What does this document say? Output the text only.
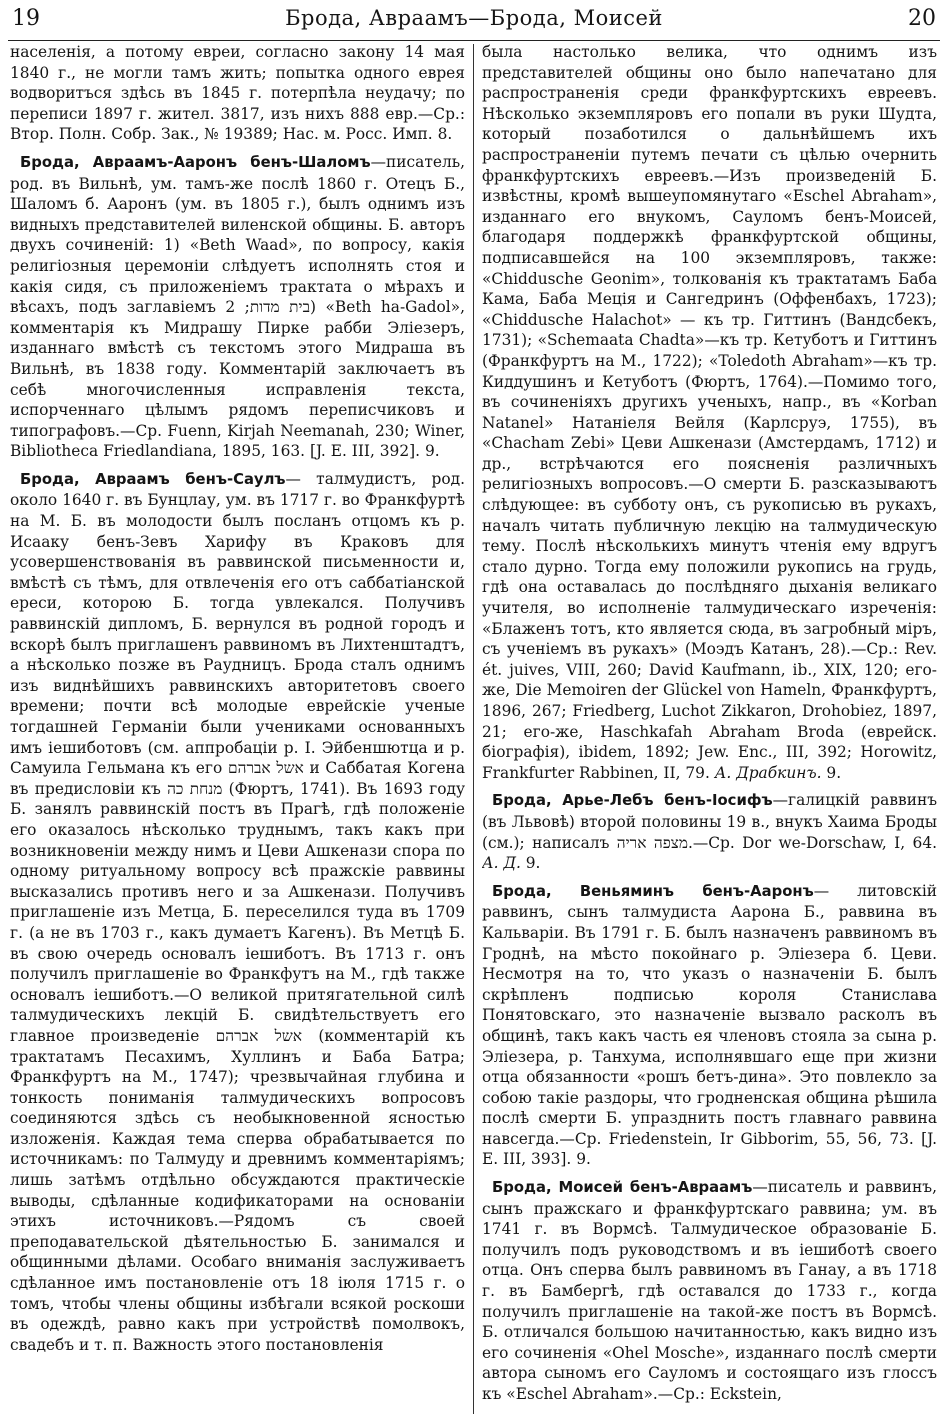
19	Брода, Авраамъ—Брода, Моисей	20

населенія, а потому евреи, согласно закону 14 мая 1840 г., не могли тамъ жить; попытка одного еврея водворитъся здѣсь въ 1845 г. потерпѣла неудачу; по переписи 1897 г. жител. 3817, изъ нихъ 888 евр.—Ср.: Втор. Полн. Собр. Зак., № 19389; Нас. м. Росс. Имп. 8.

Брода, Авраамъ-Ааронъ бенъ-Шаломъ—писатель, род. въ Вильнѣ, ум. тамъ-же послѣ 1860 г. Отецъ Б., Шаломъ б. Ааронъ (ум. въ 1805 г.), былъ однимъ изъ видныхъ представителей виленской общины. Б. авторъ двухъ сочиненій: 1) «Beth Waad», по вопросу, какія религіозныя церемоніи слѣдуетъ исполнять стоя и какія сидя, съ приложеніемъ трактата о мѣрахъ и вѣсахъ, подъ заглавіемъ בית מדות; 2) «Beth ha-Gadol», комментарія къ Мидрашу Пирке рабби Эліезеръ, изданнаго вмѣстѣ съ текстомъ этого Мидраша въ Вильнѣ, въ 1838 году. Комментарій заключаетъ въ себѣ многочисленныя исправленія текста, испорченнаго цѣлымъ рядомъ переписчиковъ и типографовъ.—Ср. Fuenn, Kirjah Neemanah, 230; Winer, Bibliotheca Friedlandiana, 1895, 163. [J. E. III, 392]. 9.

Брода, Авраамъ бенъ-Саулъ— талмудистъ, род. около 1640 г. въ Бунцлау, ум. въ 1717 г. во Франкфуртѣ на М. Б. въ молодости былъ посланъ отцомъ къ р. Исааку бенъ-Зевъ Харифу въ Краковъ для усовершенствованія въ раввинской письменности и, вмѣстѣ съ тѣмъ, для отвлеченія его отъ саббатіанской ереси, которою Б. тогда увлекался. Получивъ раввинскій дипломъ, Б. вернулся въ родной городъ и вскорѣ былъ приглашенъ раввиномъ въ Лихтенштадтъ, а нѣсколько позже въ Раудницъ. Брода сталъ однимъ изъ виднѣйшихъ раввинскихъ авторитетовъ своего времени; почти всѣ молодые еврейскіе ученые тогдашней Германіи были учениками основанныхъ имъ іешиботовъ (см. аппробаціи р. І. Эйбеншютца и р. Самуила Гельмана къ его אשל אברהם и Саббатая Когена въ предисловіи къ מנחת כה (Фюртъ, 1741). Въ 1693 году Б. занялъ раввинскій постъ въ Прагѣ, гдѣ положеніе его оказалось нѣсколько труднымъ, такъ какъ при возникновеніи между нимъ и Цеви Ашкенази спора по одному ритуальному вопросу всѣ пражскіе раввины высказались противъ него и за Ашкенази. Получивъ приглашеніе изъ Метца, Б. переселился туда въ 1709 г. (а не въ 1703 г., какъ думаетъ Кагенъ). Въ Метцѣ Б. въ свою очередь основалъ іешиботъ. Въ 1713 г. онъ получилъ приглашеніе во Франкфутъ на М., гдѣ также основалъ іешиботъ.—О великой притягательной силѣ талмудическихъ лекцій Б. свидѣтельствуетъ его главное произведеніе אשל אברהם (комментарій къ трактатамъ Песахимъ, Хуллинъ и Баба Батра; Франкфуртъ на М., 1747); чрезвычайная глубина и тонкость пониманія талмудическихъ вопросовъ соединяются здѣсь съ необыкновенной ясностью изложенія. Каждая тема сперва обрабатывается по источникамъ: по Талмуду и древнимъ комментаріямъ; лишь затѣмъ отдѣльно обсуждаются практическіе выводы, сдѣланные кодификаторами на основаніи этихъ источниковъ.—Рядомъ съ своей преподавательской дѣятельностью Б. занимался и общинными дѣлами. Особаго вниманія заслуживаетъ сдѣланное имъ постановленіе отъ 18 іюля 1715 г. о томъ, чтобы члены общины избѣгали всякой роскоши въ одеждѣ, равно какъ при устройствѣ помолвокъ, свадебъ и т. п. Важность этого постановленія

была настолько велика, что однимъ изъ представителей общины оно было напечатано для распространенія среди франкфуртскихъ евреевъ. Нѣсколько экземпляровъ его попали въ руки Шудта, который позаботился о дальнѣйшемъ ихъ распространеніи путемъ печати съ цѣлью очернить франкфуртскихъ евреевъ.—Изъ произведеній Б. извѣстны, кромѣ вышеупомянутаго «Eschel Abraham», изданнаго его внукомъ, Сауломъ бенъ-Моисей, благодаря поддержкѣ франкфуртской общины, подписавшейся на 100 экземпляровъ, также: «Chiddusche Geonim», толкованія къ трактатамъ Баба Кама, Баба Меція и Сангедринъ (Оффенбахъ, 1723); «Chiddusche Halachot» — къ тр. Гиттинъ (Вандсбекъ, 1731); «Schemaata Chadta»—къ тр. Кетуботъ и Гиттинъ (Франкфуртъ на М., 1722); «Toledoth Abraham»—къ тр. Киддушинъ и Кетуботъ (Фюртъ, 1764).—Помимо того, въ сочиненіяхъ другихъ ученыхъ, напр., въ «Korban Natanel» Натаніеля Вейля (Карлсруэ, 1755), въ «Chacham Zebi» Цеви Ашкенази (Амстердамъ, 1712) и др., встрѣчаются его поясненія различныхъ религіозныхъ вопросовъ.—О смерти Б. разсказываютъ слѣдующее: въ субботу онъ, съ рукописью въ рукахъ, началъ читать публичную лекцію на талмудическую тему. Послѣ нѣсколькихъ минутъ чтенія ему вдругъ стало дурно. Тогда ему положили рукопись на грудь, гдѣ она оставалась до послѣдняго дыханія великаго учителя, во исполненіе талмудическаго изреченія: «Блаженъ тотъ, кто является сюда, въ загробный міръ, съ ученіемъ въ рукахъ» (Моэдъ Катанъ, 28).—Ср.: Rev. ét. juives, VIII, 260; David Kaufmann, ib., XIX, 120; его-же, Die Memoiren der Glückel von Hameln, Франкфуртъ, 1896, 267; Friedberg, Luchot Zikkaron, Drohobiez, 1897, 21; его-же, Haschkafah Abraham Broda (еврейск. біографія), ibidem, 1892; Jew. Enc., III, 392; Horowitz, Frankfurter Rabbinen, II, 79. А. Драбкинъ. 9.

Брода, Арье-Лебъ бенъ-Іосифъ—галицкій раввинъ (въ Львовѣ) второй половины 19 в., внукъ Хаима Броды (см.); написалъ מצפה אריה.—Ср. Dor we-Dorschaw, I, 64. А. Д. 9.

Брода, Веньяминъ бенъ-Ааронъ— литовскій раввинъ, сынъ талмудиста Аарона Б., раввина въ Кальваріи. Въ 1791 г. Б. былъ назначенъ раввиномъ въ Гроднѣ, на мѣсто покойнаго р. Эліезера б. Цеви. Несмотря на то, что указъ о назначеніи Б. былъ скрѣпленъ подписью короля Станислава Понятовскаго, это назначеніе вызвало расколъ въ общинѣ, такъ какъ часть ея членовъ стояла за сына р. Эліезера, р. Танхума, исполнявшаго еще при жизни отца обязанности «рошъ бетъ-дина». Это повлекло за собою такіе раздоры, что гродненская община рѣшила послѣ смерти Б. упразднить постъ главнаго раввина навсегда.—Ср. Friedenstein, Ir Gibborim, 55, 56, 73. [J. E. III, 393]. 9.

Брода, Моисей бенъ-Авраамъ—писатель и раввинъ, сынъ пражскаго и франкфуртскаго раввина; ум. въ 1741 г. въ Вормсѣ. Талмудическое образованіе Б. получилъ подъ руководствомъ и въ іешиботѣ своего отца. Онъ сперва былъ раввиномъ въ Ганау, а въ 1718 г. въ Бамбергѣ, гдѣ оставался до 1733 г., когда получилъ приглашеніе на такой-же постъ въ Вормсѣ. Б. отличался большою начитанностью, какъ видно изъ его сочиненія «Ohel Mosche», изданнаго послѣ смерти автора сыномъ его Сауломъ и состоящаго изъ глоссъ къ «Eschel Abraham».—Ср.: Eckstein,
